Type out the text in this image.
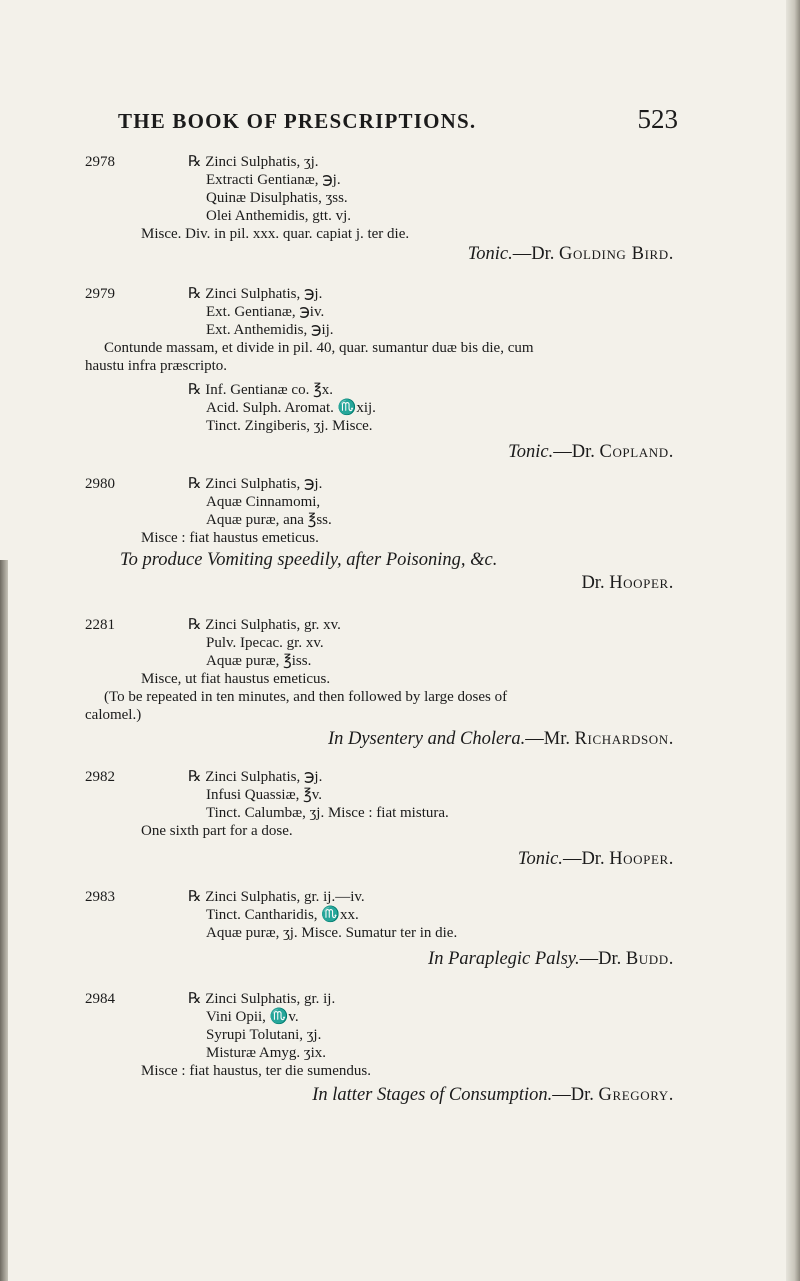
THE BOOK OF PRESCRIPTIONS.	523
2978	℞ Zinci Sulphatis, ʒj.
Extracti Gentianæ, ℈j.
Quinæ Disulphatis, ʒss.
Olei Anthemidis, gtt. vj.
Misce. Div. in pil. xxx. quar. capiat j. ter die.
Tonic.—Dr. Golding Bird.
2979	℞ Zinci Sulphatis, ℈j.
Ext. Gentianæ, ℈iv.
Ext. Anthemidis, ℈ij.
Contunde massam, et divide in pil. 40, quar. sumantur duæ bis die, cum
haustu infra præscripto.
℞ Inf. Gentianæ co. ℥x.
Acid. Sulph. Aromat. ♏xij.
Tinct. Zingiberis, ʒj. Misce.
Tonic.—Dr. Copland.
2980	℞ Zinci Sulphatis, ℈j.
Aquæ Cinnamomi,
Aquæ puræ, ana ℥ss.
Misce : fiat haustus emeticus.
To produce Vomiting speedily, after Poisoning, &c.
Dr. Hooper.
2281	℞ Zinci Sulphatis, gr. xv.
Pulv. Ipecac. gr. xv.
Aquæ puræ, ℥iss.
Misce, ut fiat haustus emeticus.
(To be repeated in ten minutes, and then followed by large doses of
calomel.)
In Dysentery and Cholera.—Mr. Richardson.
2982	℞ Zinci Sulphatis, ℈j.
Infusi Quassiæ, ℥v.
Tinct. Calumbæ, ʒj. Misce : fiat mistura.
One sixth part for a dose.
Tonic.—Dr. Hooper.
2983	℞ Zinci Sulphatis, gr. ij.—iv.
Tinct. Cantharidis, ♏xx.
Aquæ puræ, ʒj. Misce. Sumatur ter in die.
In Paraplegic Palsy.—Dr. Budd.
2984	℞ Zinci Sulphatis, gr. ij.
Vini Opii, ♏v.
Syrupi Tolutani, ʒj.
Misturæ Amyg. ʒix.
Misce : fiat haustus, ter die sumendus.
In latter Stages of Consumption.—Dr. Gregory.
